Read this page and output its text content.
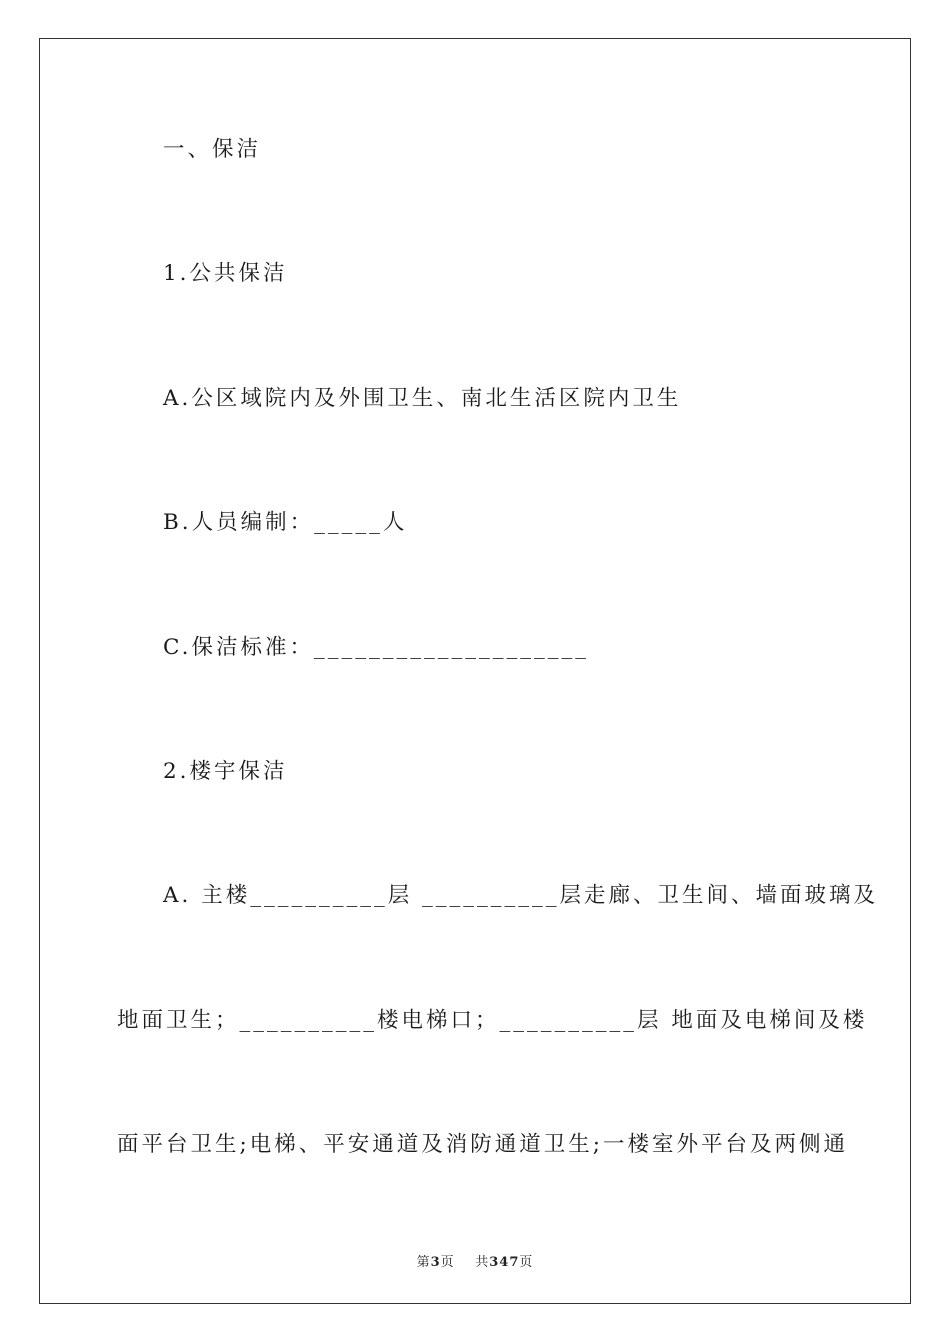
一、保洁
1.公共保洁
A.公区域院内及外围卫生、南北生活区院内卫生
B.人员编制：_____人
C.保洁标准：____________________
2.楼宇保洁
A. 主楼__________层 __________层走廊、卫生间、墙面玻璃及
地面卫生；__________楼电梯口；__________层 地面及电梯间及楼
面平台卫生;电梯、平安通道及消防通道卫生;一楼室外平台及两侧通
第3页 共347页
